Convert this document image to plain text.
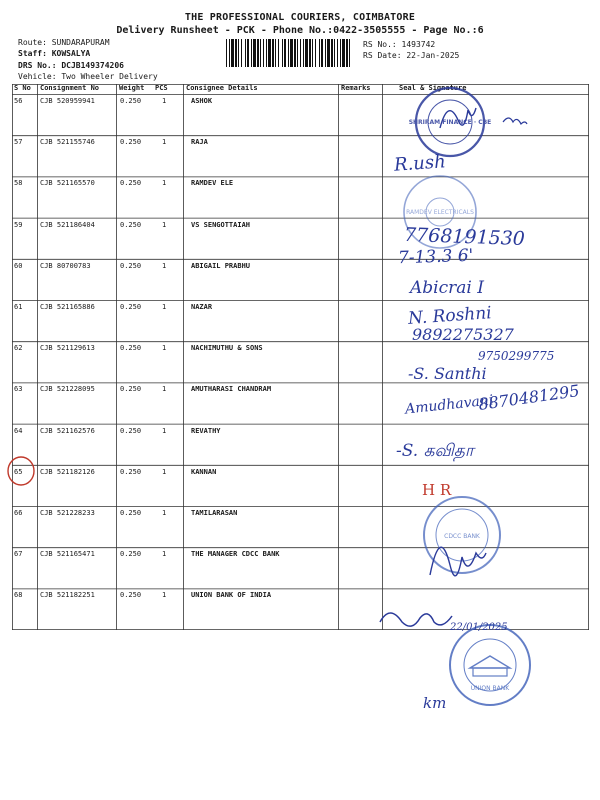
THE PROFESSIONAL COURIERS, COIMBATORE
Delivery Runsheet - PCK - Phone No.:0422-3505555 - Page No.:6
Route: SUNDARAPURAM
Staff: KOWSALYA
DRS No.: DCJB149374206
Vehicle: Two Wheeler Delivery
RS No.: 1493742
RS Date: 22-Jan-2025
S No Consignment No	Weight PCS	Consignee Details	Remarks	Seal & Signature
56	CJB 520959941	0.250	1	ASHOK
57	CJB 521155746	0.250	1	RAJA
58	CJB 521165570	0.250	1	RAMDEV ELE
59	CJB 521186404	0.250	1	VS SENGOTTAIAH
60	CJB 80700783	0.250	1	ABIGAIL PRABHU
61	CJB 521165886	0.250	1	NAZAR
62	CJB 521129613	0.250	1	NACHIMUTHU & SONS
63	CJB 521228095	0.250	1	AMUTHARASI CHANDRAM
64	CJB 521162576	0.250	1	REVATHY
65	CJB 521182126	0.250	1	KANNAN
66	CJB 521228233	0.250	1	TAMILARASAN
67	CJB 521165471	0.250	1	THE MANAGER CDCC BANK
68	CJB 521182251	0.250	1	UNION BANK OF INDIA
SHRIRAM FINANCE · CBE
RAMDEV ELECTRICALS
CDCC BANK
UNION BANK
R.ush
7768191530
7-13.3 6'
Abicrai I
N. Roshni
9892275327
9750299775
-S. Santhi
Amudhavani
8870481295
-S. கவிதா
H R
22/01/2025
km
